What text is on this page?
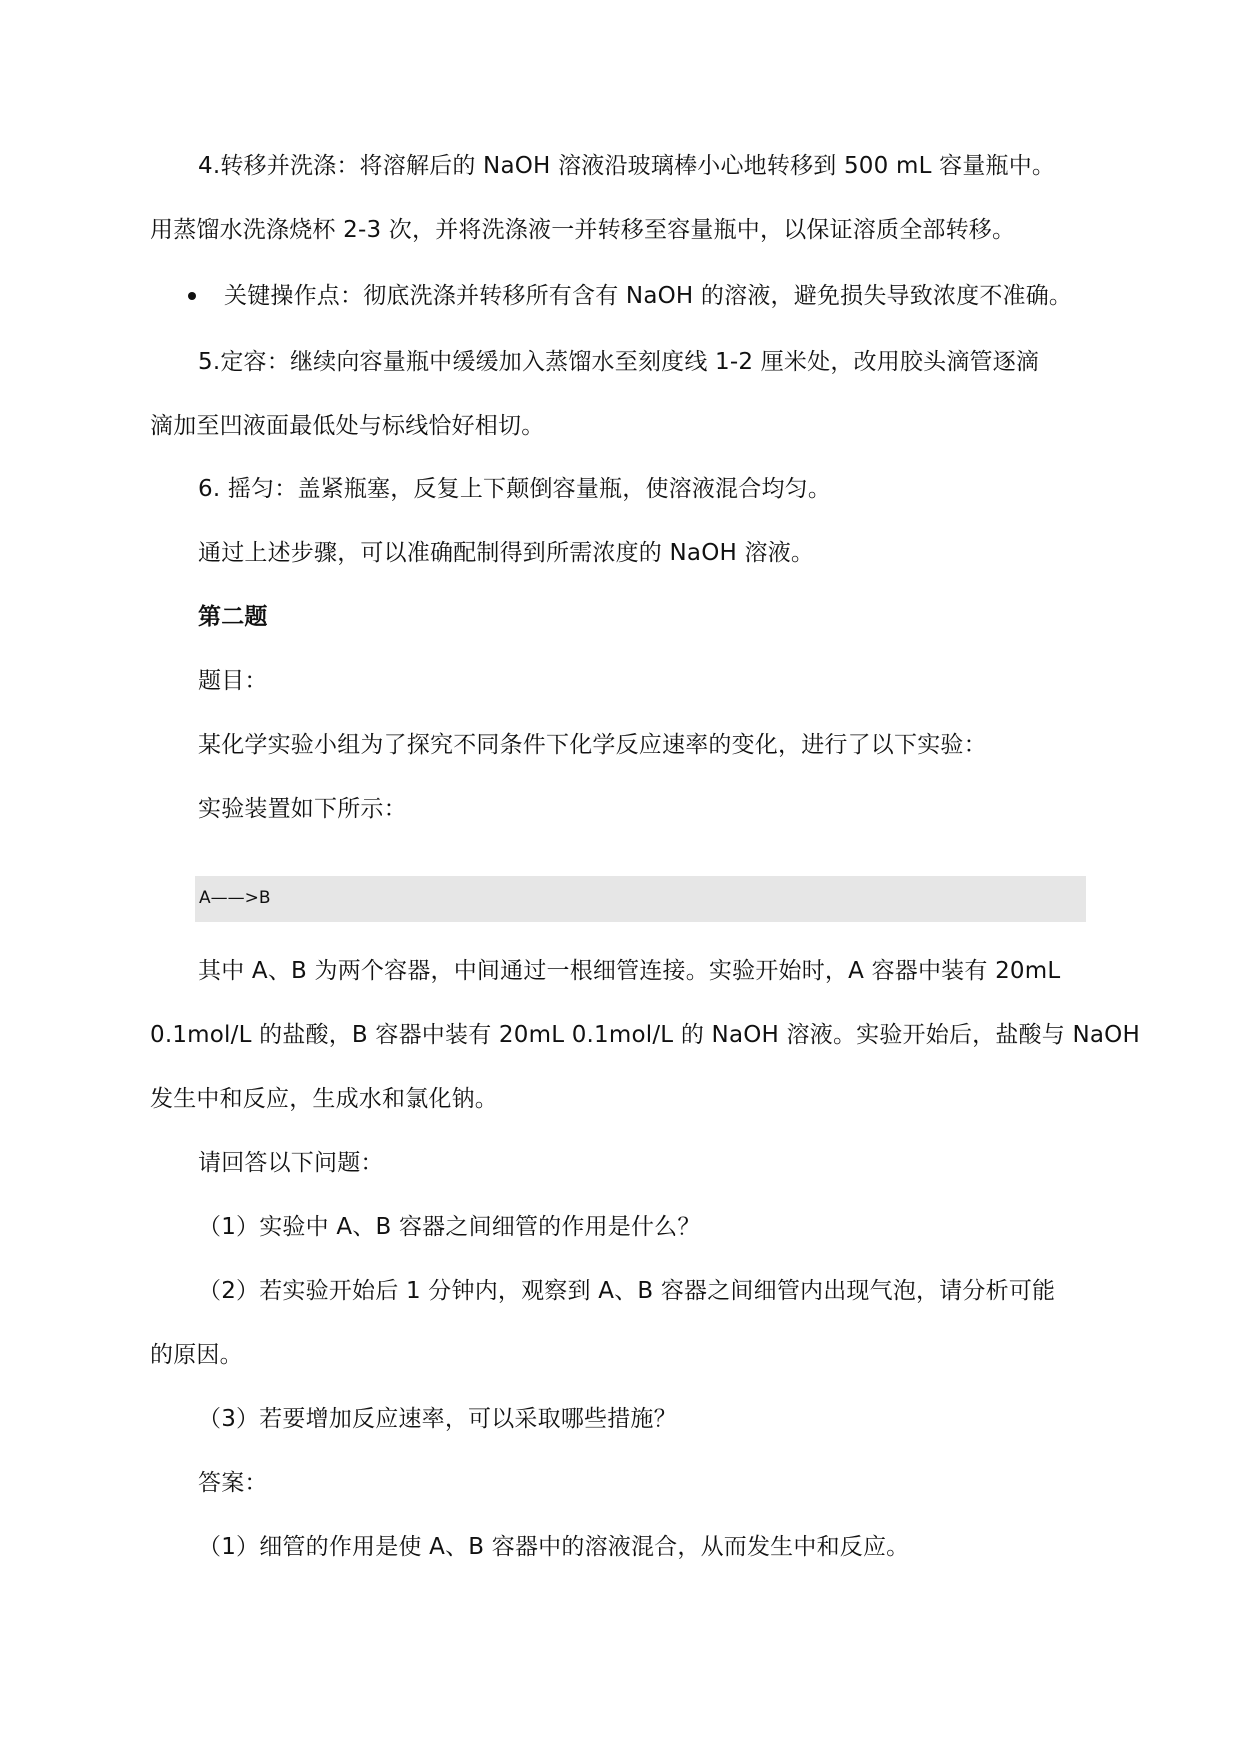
4.转移并洗涤：将溶解后的 NaOH 溶液沿玻璃棒小心地转移到 500 mL 容量瓶中。
用蒸馏水洗涤烧杯 2-3 次，并将洗涤液一并转移至容量瓶中，以保证溶质全部转移。
关键操作点：彻底洗涤并转移所有含有 NaOH 的溶液，避免损失导致浓度不准确。
5.定容：继续向容量瓶中缓缓加入蒸馏水至刻度线 1-2 厘米处，改用胶头滴管逐滴
滴加至凹液面最低处与标线恰好相切。
6. 摇匀：盖紧瓶塞，反复上下颠倒容量瓶，使溶液混合均匀。
通过上述步骤，可以准确配制得到所需浓度的 NaOH 溶液。
第二题
题目：
某化学实验小组为了探究不同条件下化学反应速率的变化，进行了以下实验：
实验装置如下所示：
A——>B
其中 A、B 为两个容器，中间通过一根细管连接。实验开始时，A 容器中装有 20mL
0.1mol/L 的盐酸，B 容器中装有 20mL 0.1mol/L 的 NaOH 溶液。实验开始后，盐酸与 NaOH
发生中和反应，生成水和氯化钠。
请回答以下问题：
（1）实验中 A、B 容器之间细管的作用是什么？
（2）若实验开始后 1 分钟内，观察到 A、B 容器之间细管内出现气泡，请分析可能
的原因。
（3）若要增加反应速率，可以采取哪些措施？
答案：
（1）细管的作用是使 A、B 容器中的溶液混合，从而发生中和反应。
